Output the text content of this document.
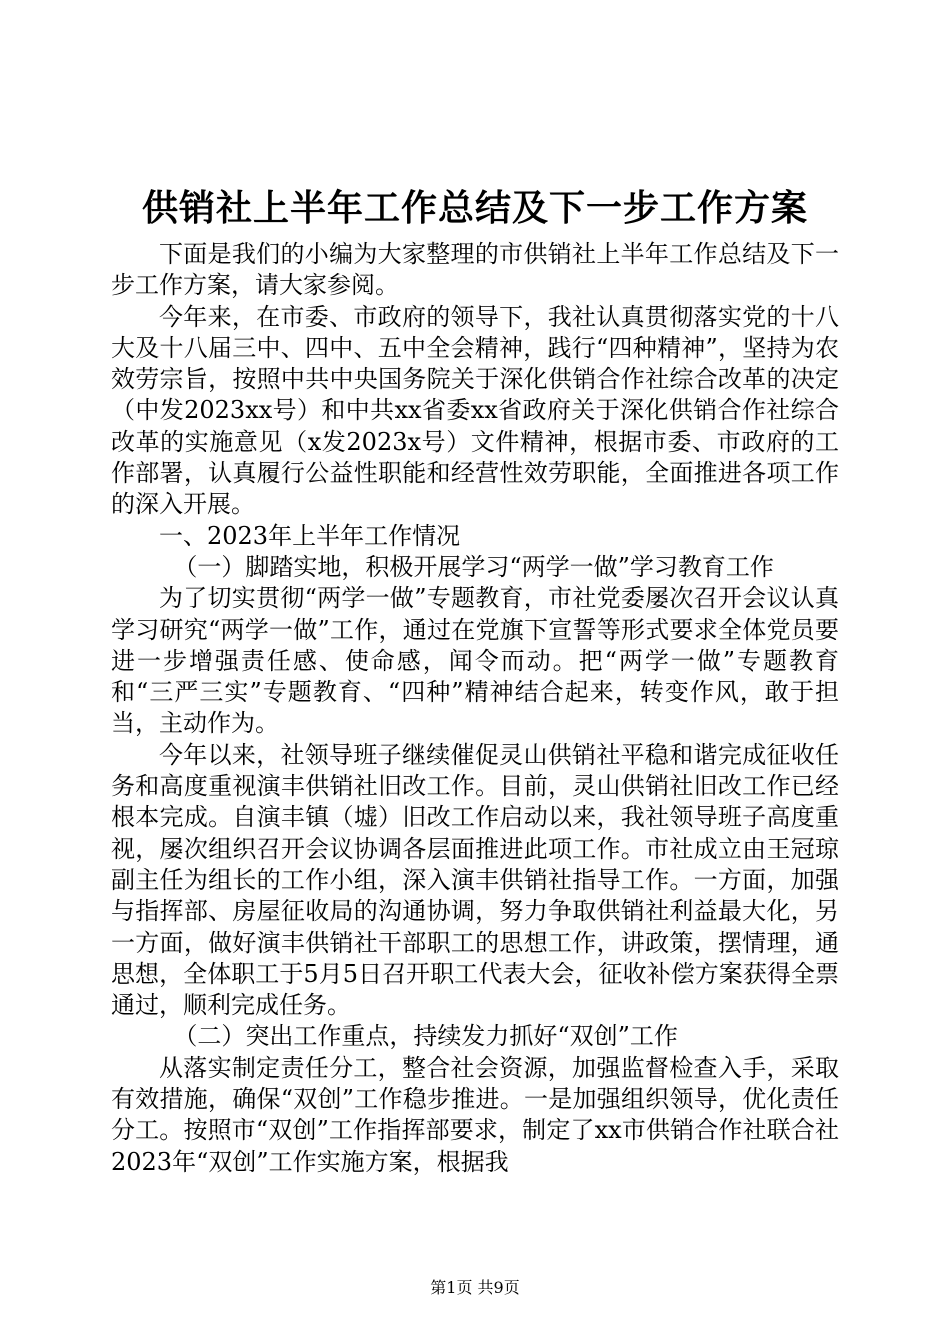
供销社上半年工作总结及下一步工作方案

下面是我们的小编为大家整理的市供销社上半年工作总结及下一步工作方案，请大家参阅。

今年来，在市委、市政府的领导下，我社认真贯彻落实党的十八大及十八届三中、四中、五中全会精神，践行“四种精神”，坚持为农效劳宗旨，按照中共中央国务院关于深化供销合作社综合改革的决定（中发2023xx号）和中共xx省委xx省政府关于深化供销合作社综合改革的实施意见（x发2023x号）文件精神，根据市委、市政府的工作部署，认真履行公益性职能和经营性效劳职能，全面推进各项工作的深入开展。

一、2023年上半年工作情况

（一）脚踏实地，积极开展学习“两学一做”学习教育工作

为了切实贯彻“两学一做”专题教育，市社党委屡次召开会议认真学习研究“两学一做”工作，通过在党旗下宣誓等形式要求全体党员要进一步增强责任感、使命感，闻令而动。把“两学一做”专题教育和“三严三实”专题教育、“四种”精神结合起来，转变作风，敢于担当，主动作为。

今年以来，社领导班子继续催促灵山供销社平稳和谐完成征收任务和高度重视演丰供销社旧改工作。目前，灵山供销社旧改工作已经根本完成。自演丰镇（墟）旧改工作启动以来，我社领导班子高度重视，屡次组织召开会议协调各层面推进此项工作。市社成立由王冠琼副主任为组长的工作小组，深入演丰供销社指导工作。一方面，加强与指挥部、房屋征收局的沟通协调，努力争取供销社利益最大化，另一方面，做好演丰供销社干部职工的思想工作，讲政策，摆情理，通思想，全体职工于5月5日召开职工代表大会，征收补偿方案获得全票通过，顺利完成任务。

（二）突出工作重点，持续发力抓好“双创”工作

从落实制定责任分工，整合社会资源，加强监督检查入手，采取有效措施，确保“双创”工作稳步推进。一是加强组织领导，优化责任分工。按照市“双创”工作指挥部要求，制定了xx市供销合作社联合社2023年“双创”工作实施方案，根据我

第1页 共9页
